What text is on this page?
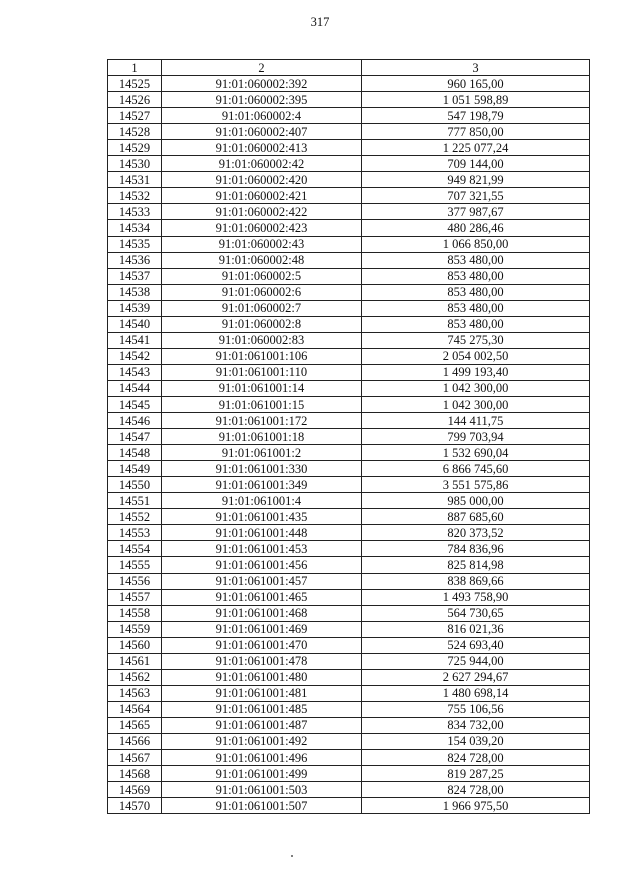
317
1	2	3
14525	91:01:060002:392	960 165,00
14526	91:01:060002:395	1 051 598,89
14527	91:01:060002:4	547 198,79
14528	91:01:060002:407	777 850,00
14529	91:01:060002:413	1 225 077,24
14530	91:01:060002:42	709 144,00
14531	91:01:060002:420	949 821,99
14532	91:01:060002:421	707 321,55
14533	91:01:060002:422	377 987,67
14534	91:01:060002:423	480 286,46
14535	91:01:060002:43	1 066 850,00
14536	91:01:060002:48	853 480,00
14537	91:01:060002:5	853 480,00
14538	91:01:060002:6	853 480,00
14539	91:01:060002:7	853 480,00
14540	91:01:060002:8	853 480,00
14541	91:01:060002:83	745 275,30
14542	91:01:061001:106	2 054 002,50
14543	91:01:061001:110	1 499 193,40
14544	91:01:061001:14	1 042 300,00
14545	91:01:061001:15	1 042 300,00
14546	91:01:061001:172	144 411,75
14547	91:01:061001:18	799 703,94
14548	91:01:061001:2	1 532 690,04
14549	91:01:061001:330	6 866 745,60
14550	91:01:061001:349	3 551 575,86
14551	91:01:061001:4	985 000,00
14552	91:01:061001:435	887 685,60
14553	91:01:061001:448	820 373,52
14554	91:01:061001:453	784 836,96
14555	91:01:061001:456	825 814,98
14556	91:01:061001:457	838 869,66
14557	91:01:061001:465	1 493 758,90
14558	91:01:061001:468	564 730,65
14559	91:01:061001:469	816 021,36
14560	91:01:061001:470	524 693,40
14561	91:01:061001:478	725 944,00
14562	91:01:061001:480	2 627 294,67
14563	91:01:061001:481	1 480 698,14
14564	91:01:061001:485	755 106,56
14565	91:01:061001:487	834 732,00
14566	91:01:061001:492	154 039,20
14567	91:01:061001:496	824 728,00
14568	91:01:061001:499	819 287,25
14569	91:01:061001:503	824 728,00
14570	91:01:061001:507	1 966 975,50
